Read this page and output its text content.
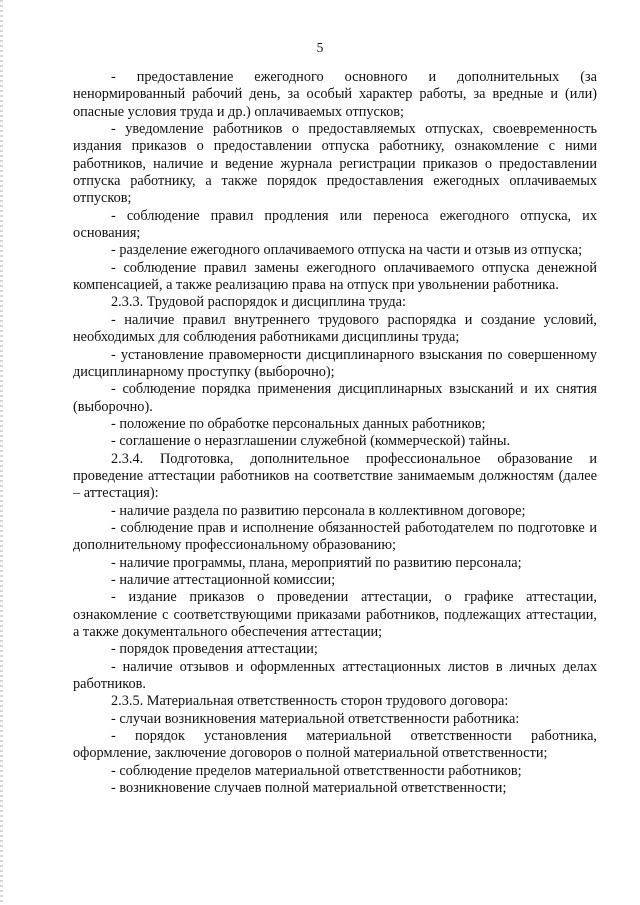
5

- предоставление ежегодного основного и дополнительных (за ненормированный рабочий день, за особый характер работы, за вредные и (или) опасные условия труда и др.) оплачиваемых отпусков;

- уведомление работников о предоставляемых отпусках, своевременность издания приказов о предоставлении отпуска работнику, ознакомление с ними работников, наличие и ведение журнала регистрации приказов о предоставлении отпуска работнику, а также порядок предоставления ежегодных оплачиваемых отпусков;

- соблюдение правил продления или переноса ежегодного отпуска, их основания;

- разделение ежегодного оплачиваемого отпуска на части и отзыв из отпуска;

- соблюдение правил замены ежегодного оплачиваемого отпуска денежной компенсацией, а также реализацию права на отпуск при увольнении работника.

2.3.3. Трудовой распорядок и дисциплина труда:

- наличие правил внутреннего трудового распорядка и создание условий, необходимых для соблюдения работниками дисциплины труда;

- установление правомерности дисциплинарного взыскания по совершенному дисциплинарному проступку (выборочно);

- соблюдение порядка применения дисциплинарных взысканий и их снятия (выборочно).

- положение по обработке персональных данных работников;

- соглашение о неразглашении служебной (коммерческой) тайны.

2.3.4. Подготовка, дополнительное профессиональное образование и проведение аттестации работников на соответствие занимаемым должностям (далее – аттестация):

- наличие раздела по развитию персонала в коллективном договоре;

- соблюдение прав и исполнение обязанностей работодателем по подготовке и дополнительному профессиональному образованию;

- наличие программы, плана, мероприятий по развитию персонала;

- наличие аттестационной комиссии;

- издание приказов о проведении аттестации, о графике аттестации, ознакомление с соответствующими приказами работников, подлежащих аттестации, а также документального обеспечения аттестации;

- порядок проведения аттестации;

- наличие отзывов и оформленных аттестационных листов в личных делах работников.

2.3.5. Материальная ответственность сторон трудового договора:

- случаи возникновения материальной ответственности работника:

- порядок установления материальной ответственности работника, оформление, заключение договоров о полной материальной ответственности;

- соблюдение пределов материальной ответственности работников;

- возникновение случаев полной материальной ответственности;
